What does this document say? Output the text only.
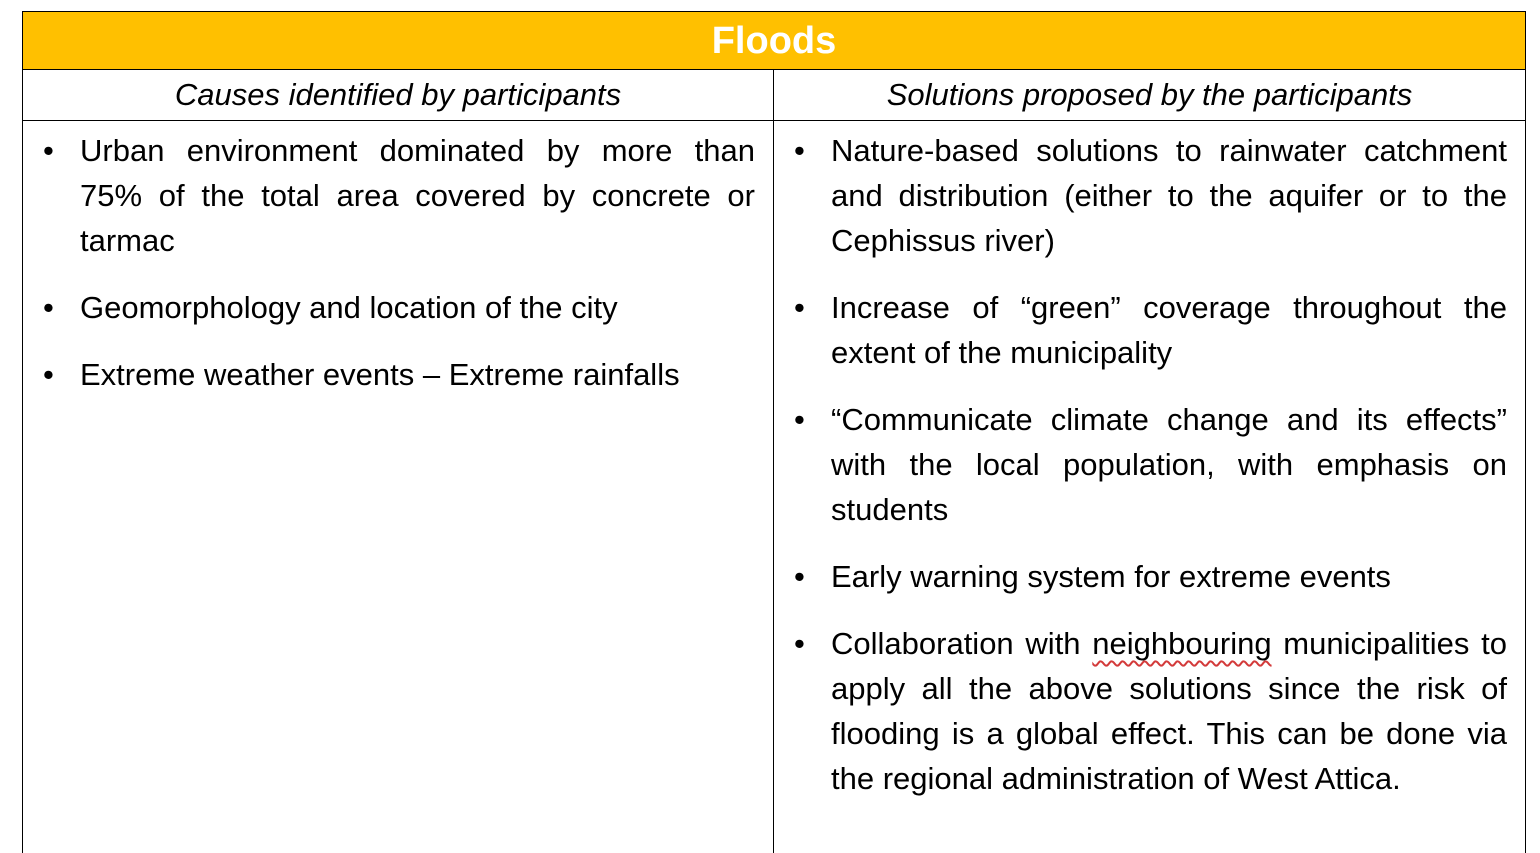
Floods
Causes identified by participants	Solutions proposed by the participants
• Urban environment dominated by more than 75% of the total area covered by concrete or tarmac
• Geomorphology and location of the city
• Extreme weather events – Extreme rainfalls
• Nature-based solutions to rainwater catchment and distribution (either to the aquifer or to the Cephissus river)
• Increase of “green” coverage throughout the extent of the municipality
• “Communicate climate change and its effects” with the local population, with emphasis on students
• Early warning system for extreme events
• Collaboration with neighbouring municipalities to apply all the above solutions since the risk of flooding is a global effect. This can be done via the regional administration of West Attica.
